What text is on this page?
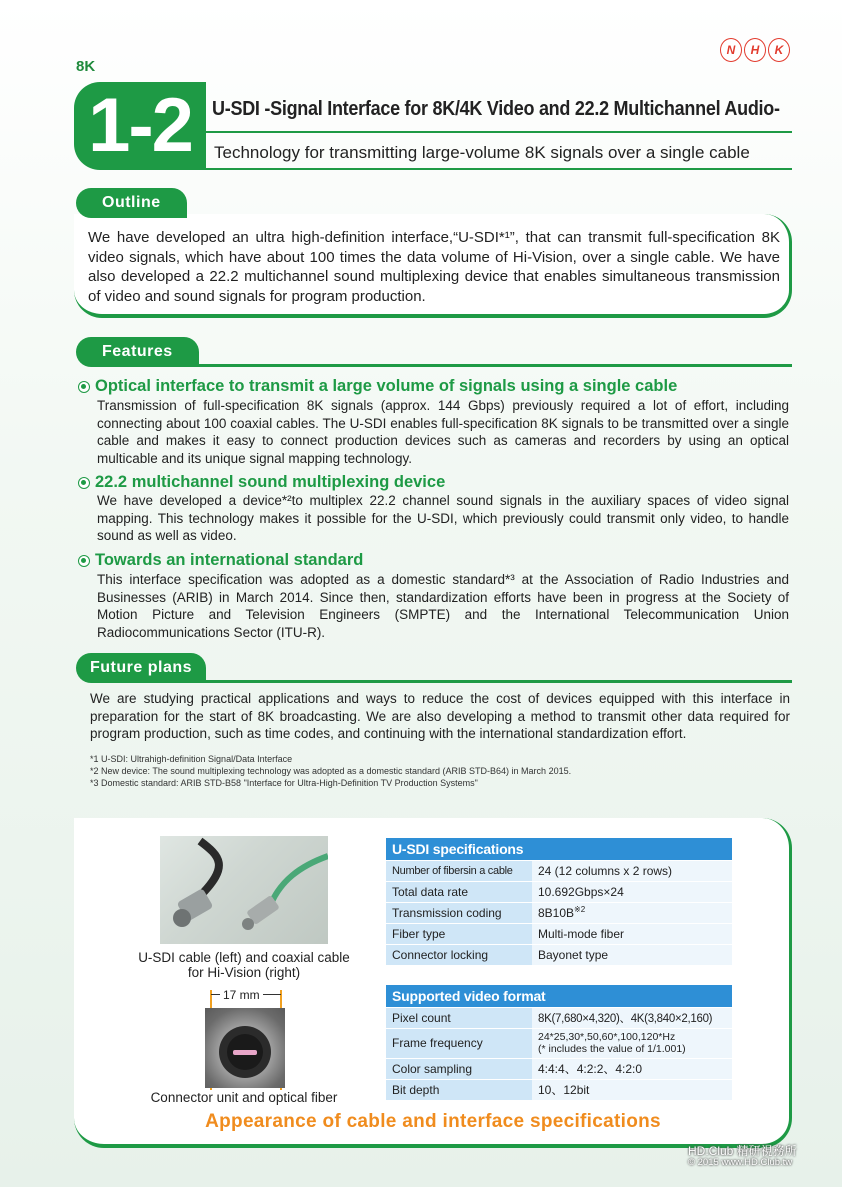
8K
N	H	K
1-2	U-SDI -Signal Interface for 8K/4K Video and 22.2 Multichannel Audio-
Technology for transmitting large-volume 8K signals over a single cable
Outline
We have developed an ultra high-definition interface,“U-SDI*¹”, that can transmit full-specification 8K video signals, which have about 100 times the data volume of Hi-Vision, over a single cable. We have also developed a 22.2 multichannel sound multiplexing device that enables simultaneous transmission of video and sound signals for program production.
Features
Optical interface to transmit a large volume of signals using a single cable
Transmission of full-specification 8K signals (approx. 144 Gbps) previously required a lot of effort, including connecting about 100 coaxial cables. The U-SDI enables full-specification 8K signals to be transmitted over a single cable and makes it easy to connect production devices such as cameras and recorders by using an optical multicable and its unique signal mapping technology.
22.2 multichannel sound multiplexing device
We have developed a device*²to multiplex 22.2 channel sound signals in the auxiliary spaces of video signal mapping. This technology makes it possible for the U-SDI, which previously could transmit only video, to handle sound as well as video.
Towards an international standard
This interface specification was adopted as a domestic standard*³ at the Association of Radio Industries and Businesses (ARIB) in March 2014. Since then, standardization efforts have been in progress at the Society of Motion Picture and Television Engineers (SMPTE) and the International Telecommunication Union Radiocommunications Sector (ITU-R).
Future plans
We are studying practical applications and ways to reduce the cost of devices equipped with this interface in preparation for the start of 8K broadcasting. We are also developing a method to transmit other data required for program production, such as time codes, and continuing with the international standardization effort.
*1 U-SDI: Ultrahigh-definition Signal/Data Interface
*2 New device: The sound multiplexing technology was adopted as a domestic standard (ARIB STD-B64) in March 2015.
*3 Domestic standard: ARIB STD-B58 "Interface for Ultra-High-Definition TV Production Systems"
U-SDI cable (left) and coaxial cable
for Hi-Vision (right)
17 mm
Connector unit and optical fiber
U-SDI specifications	
Number of fibersin a cable	24 (12 columns x 2 rows)
Total data rate	10.692Gbps×24
Transmission coding	$8B10B^{※2}$
Fiber type	Multi-mode fiber
Connector locking	Bayonet type
Supported video format	
Pixel count	8K(7,680×4,320)、4K(3,840×2,160)
Frame frequency	24*25,30*,50,60*,100,120*Hz
(* includes the value of 1/1.001)

Color sampling	4:4:4、4:2:2、4:2:0
Bit depth	10、12bit
Appearance of cable and interface specifications
HD.Club 精研視務所
© 2015 www.HD.Club.tw
